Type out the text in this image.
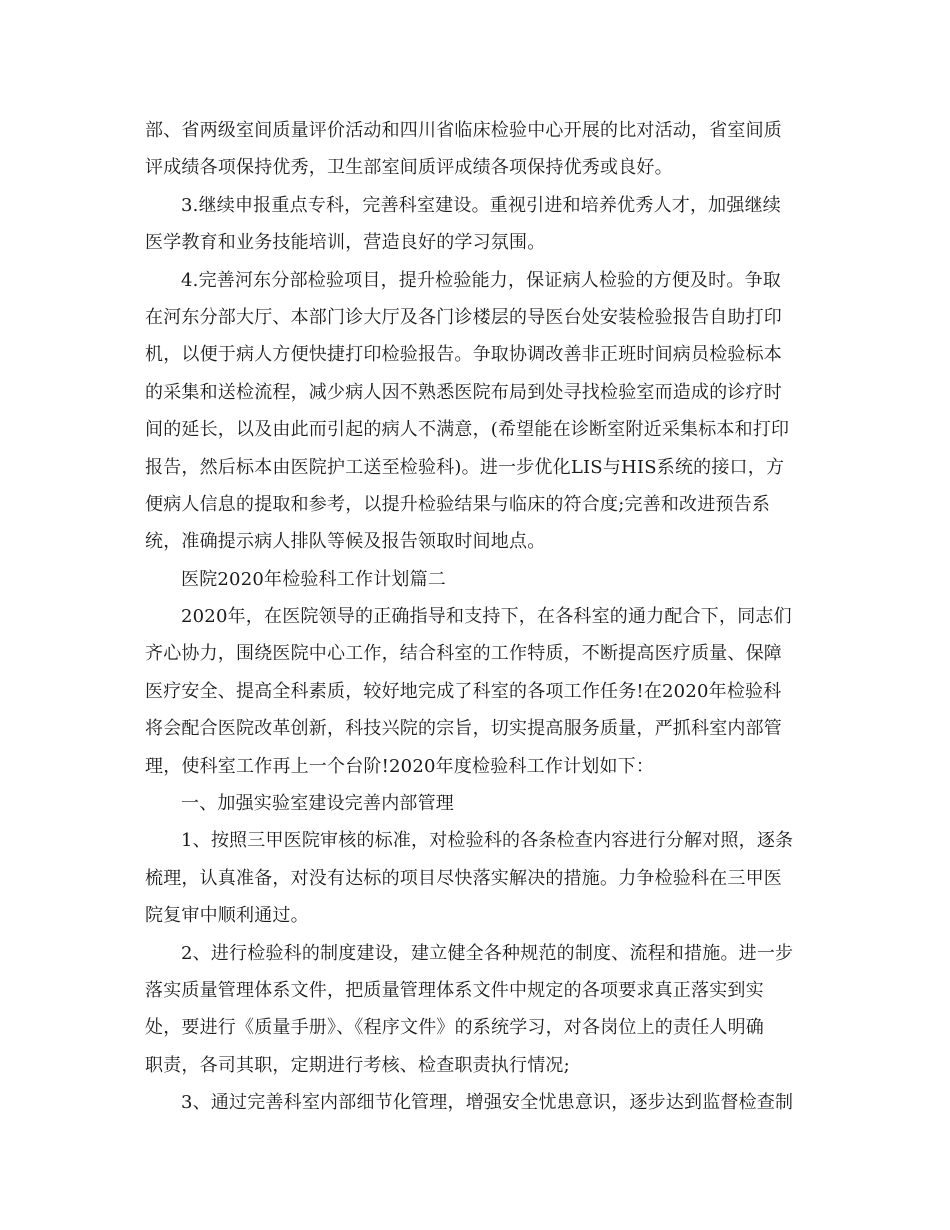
部、省两级室间质量评价活动和四川省临床检验中心开展的比对活动，省室间质
评成绩各项保持优秀，卫生部室间质评成绩各项保持优秀或良好。
3.继续申报重点专科，完善科室建设。重视引进和培养优秀人才，加强继续
医学教育和业务技能培训，营造良好的学习氛围。
4.完善河东分部检验项目，提升检验能力，保证病人检验的方便及时。争取
在河东分部大厅、本部门诊大厅及各门诊楼层的导医台处安装检验报告自助打印
机，以便于病人方便快捷打印检验报告。争取协调改善非正班时间病员检验标本
的采集和送检流程，减少病人因不熟悉医院布局到处寻找检验室而造成的诊疗时
间的延长，以及由此而引起的病人不满意，(希望能在诊断室附近采集标本和打印
报告，然后标本由医院护工送至检验科)。进一步优化LIS与HIS系统的接口，方
便病人信息的提取和参考，以提升检验结果与临床的符合度;完善和改进预告系
统，准确提示病人排队等候及报告领取时间地点。
医院2020年检验科工作计划篇二
2020年，在医院领导的正确指导和支持下，在各科室的通力配合下，同志们
齐心协力，围绕医院中心工作，结合科室的工作特质，不断提高医疗质量、保障
医疗安全、提高全科素质，较好地完成了科室的各项工作任务!在2020年检验科
将会配合医院改革创新，科技兴院的宗旨，切实提高服务质量，严抓科室内部管
理，使科室工作再上一个台阶!2020年度检验科工作计划如下：
一、加强实验室建设完善内部管理
1、按照三甲医院审核的标准，对检验科的各条检查内容进行分解对照，逐条
梳理，认真准备，对没有达标的项目尽快落实解决的措施。力争检验科在三甲医
院复审中顺利通过。
2、进行检验科的制度建设，建立健全各种规范的制度、流程和措施。进一步
落实质量管理体系文件，把质量管理体系文件中规定的各项要求真正落实到实
处，要进行《质量手册》、《程序文件》的系统学习，对各岗位上的责任人明确
职责，各司其职，定期进行考核、检查职责执行情况;
3、通过完善科室内部细节化管理，增强安全忧患意识，逐步达到监督检查制
